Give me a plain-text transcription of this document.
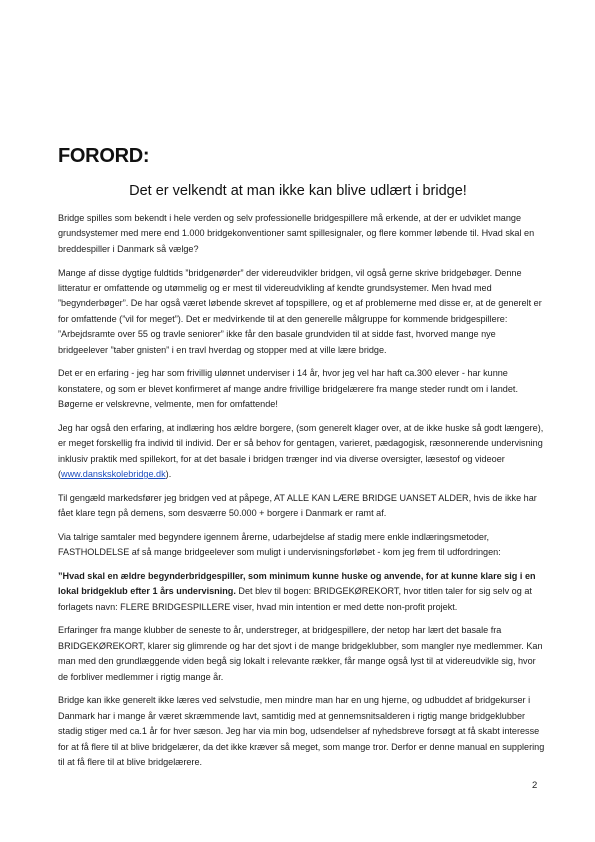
FORORD:
Det er velkendt at man ikke kan blive udlært i bridge!

Bridge spilles som bekendt i hele verden og selv professionelle bridgespillere må erkende, at der er udviklet mange grundsystemer med mere end 1.000 bridgekonventioner samt spillesignaler, og flere kommer løbende til. Hvad skal en breddespiller i Danmark så vælge?

Mange af disse dygtige fuldtids ”bridgenørder” der videreudvikler bridgen, vil også gerne skrive bridgebøger. Denne litteratur er omfattende og utømmelig og er mest til videreudvikling af kendte grundsystemer. Men hvad med ”begynderbøger”. De har også været løbende skrevet af topspillere, og et af problemerne med disse er, at de generelt er for omfattende (”vil for meget”). Det er medvirkende til at den generelle målgruppe for kommende bridgespillere: ”Arbejdsramte over 55 og travle seniorer” ikke får den basale grundviden til at sidde fast, hvorved mange nye bridgeelever ”taber gnisten” i en travl hverdag og stopper med at ville lære bridge.

Det er en erfaring - jeg har som frivillig ulønnet underviser i 14 år, hvor jeg vel har haft ca.300 elever - har kunne konstatere, og som er blevet konfirmeret af mange andre frivillige bridgelærere fra mange steder rundt om i landet. Bøgerne er velskrevne, velmente, men for omfattende!

Jeg har også den erfaring, at indlæring hos ældre borgere, (som generelt klager over, at de ikke huske så godt længere), er meget forskellig fra individ til individ. Der er så behov for gentagen, varieret, pædagogisk, ræsonnerende undervisning inklusiv praktik med spillekort, for at det basale i bridgen trænger ind via diverse oversigter, læsestof og videoer (www.danskskolebridge.dk).

Til gengæld markedsfører jeg bridgen ved at påpege, AT ALLE KAN LÆRE BRIDGE UANSET ALDER, hvis de ikke har fået klare tegn på demens, som desværre 50.000 + borgere i Danmark er ramt af.

Via talrige samtaler med begyndere igennem årerne, udarbejdelse af stadig mere enkle indlæringsmetoder, FASTHOLDELSE af så mange bridgeelever som muligt i undervisningsforløbet - kom jeg frem til udfordringen:

”Hvad skal en ældre begynderbridgespiller, som minimum kunne huske og anvende, for at kunne klare sig i en lokal bridgeklub efter 1 års undervisning. Det blev til bogen: BRIDGEKØREKORT, hvor titlen taler for sig selv og at forlagets navn: FLERE BRIDGESPILLERE viser, hvad min intention er med dette non-profit projekt.

Erfaringer fra mange klubber de seneste to år, understreger, at bridgespillere, der netop har lært det basale fra BRIDGEKØREKORT, klarer sig glimrende og har det sjovt i de mange bridgeklubber, som mangler nye medlemmer. Kan man med den grundlæggende viden begå sig lokalt i relevante rækker, får mange også lyst til at videreudvikle sig, hvor de forbliver medlemmer i rigtig mange år.

Bridge kan ikke generelt ikke læres ved selvstudie, men mindre man har en ung hjerne, og udbuddet af bridgekurser i Danmark har i mange år været skræmmende lavt, samtidig med at gennemsnitsalderen i rigtig mange bridgeklubber stadig stiger med ca.1 år for hver sæson. Jeg har via min bog, udsendelser af nyhedsbreve forsøgt at få skabt interesse for at få flere til at blive bridgelærer, da det ikke kræver så meget, som mange tror. Derfor er denne manual en supplering til at få flere til at blive bridgelærere.

2
